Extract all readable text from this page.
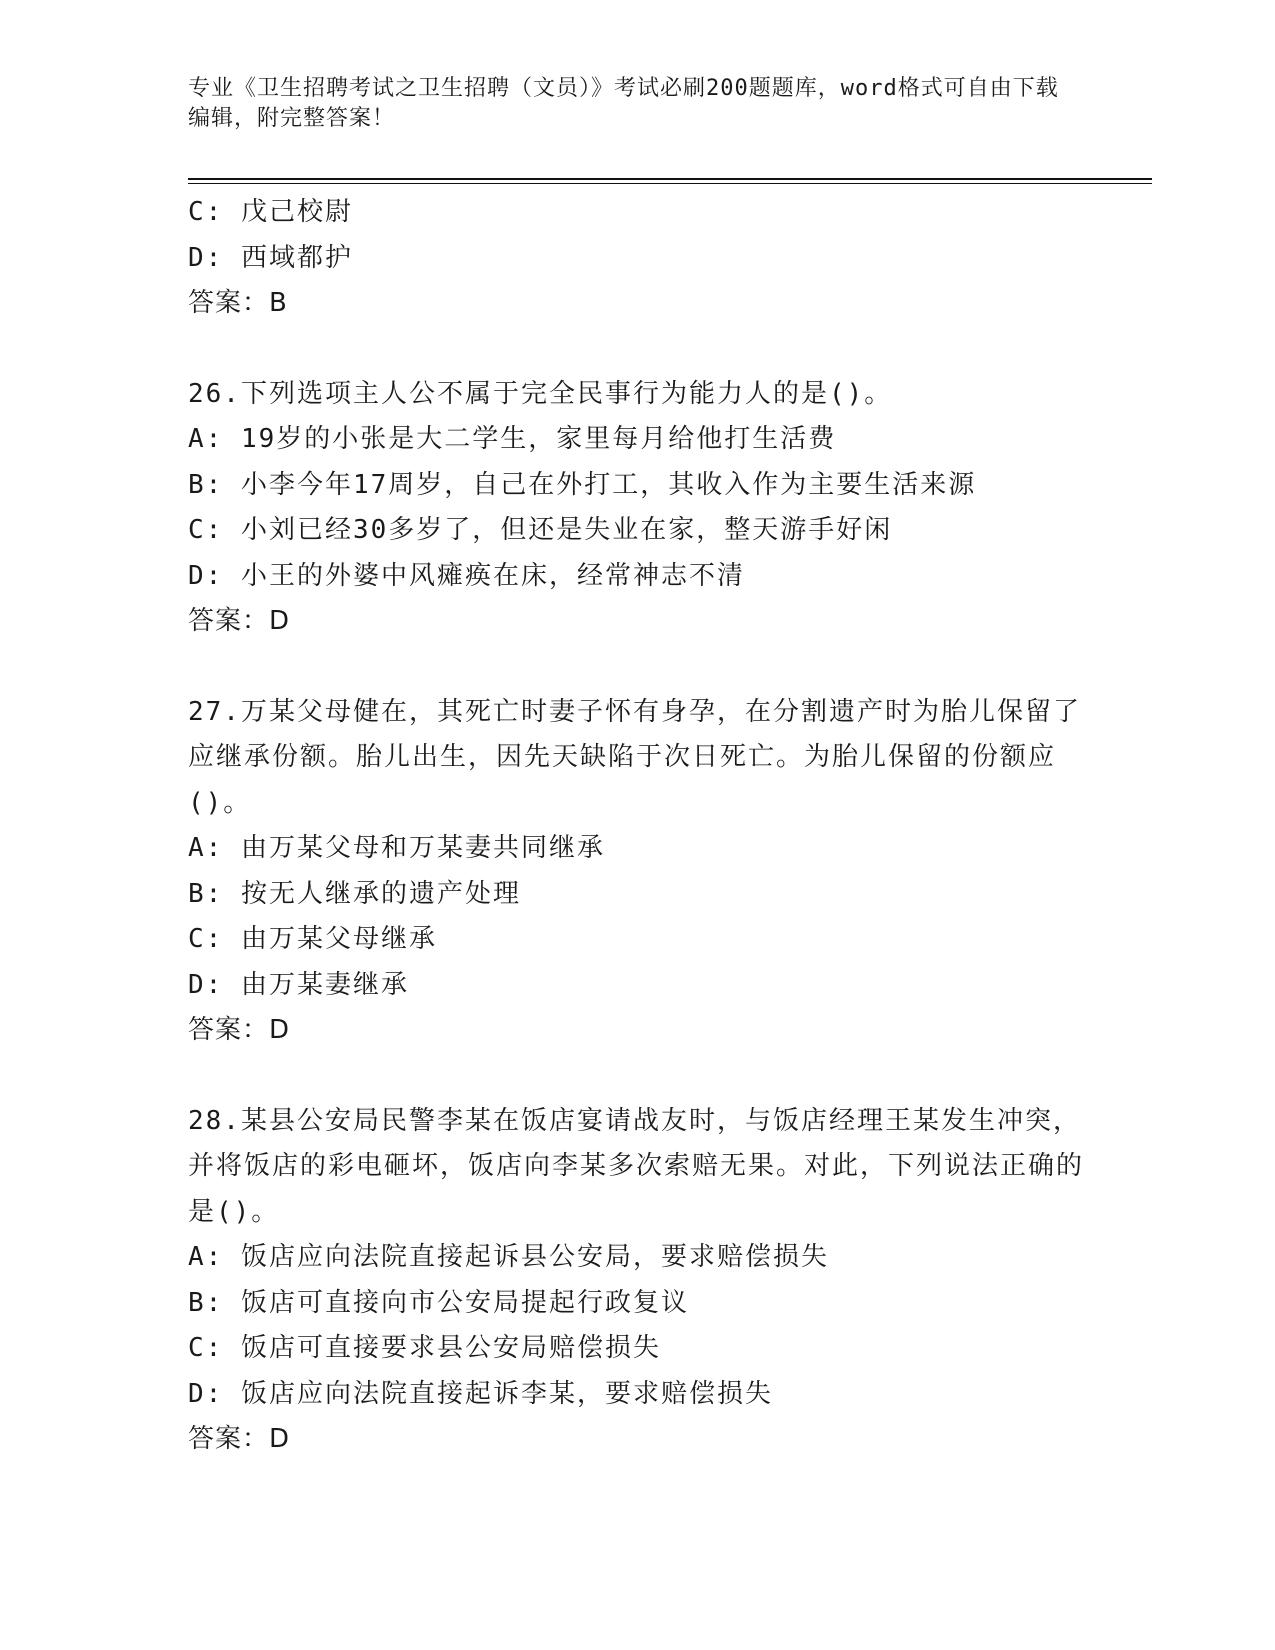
专业《卫生招聘考试之卫生招聘（文员）》考试必刷200题题库，word格式可自由下载编辑，附完整答案！
C: 戊己校尉
D: 西域都护
答案：B
26.下列选项主人公不属于完全民事行为能力人的是()。
A: 19岁的小张是大二学生，家里每月给他打生活费
B: 小李今年17周岁，自己在外打工，其收入作为主要生活来源
C: 小刘已经30多岁了，但还是失业在家，整天游手好闲
D: 小王的外婆中风瘫痪在床，经常神志不清
答案：D
27.万某父母健在，其死亡时妻子怀有身孕，在分割遗产时为胎儿保留了应继承份额。胎儿出生，因先天缺陷于次日死亡。为胎儿保留的份额应()。
A: 由万某父母和万某妻共同继承
B: 按无人继承的遗产处理
C: 由万某父母继承
D: 由万某妻继承
答案：D
28.某县公安局民警李某在饭店宴请战友时，与饭店经理王某发生冲突，并将饭店的彩电砸坏，饭店向李某多次索赔无果。对此，下列说法正确的是()。
A: 饭店应向法院直接起诉县公安局，要求赔偿损失
B: 饭店可直接向市公安局提起行政复议
C: 饭店可直接要求县公安局赔偿损失
D: 饭店应向法院直接起诉李某，要求赔偿损失
答案：D
